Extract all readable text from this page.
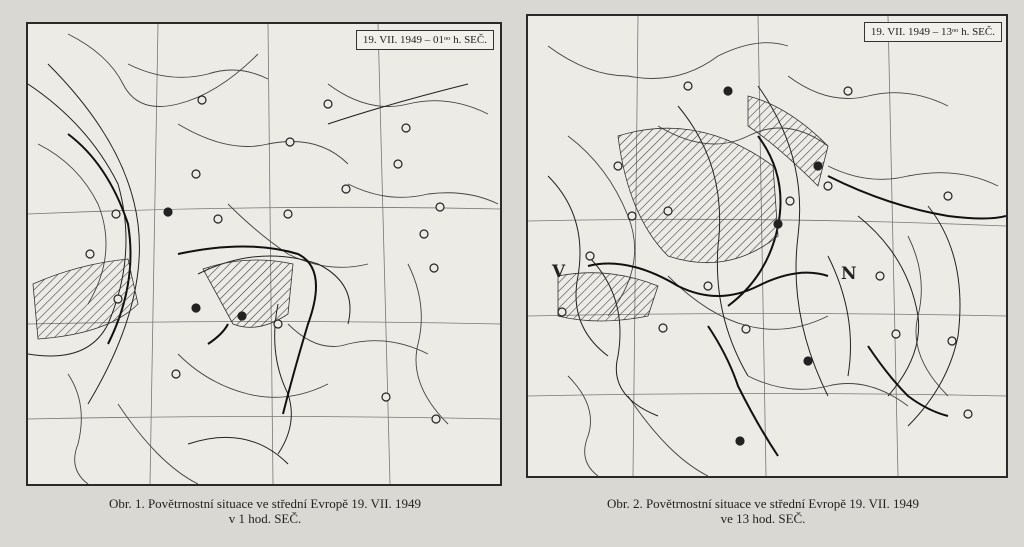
19. VII. 1949 – 01ᵒᵒ h. SEČ.
19. VII. 1949 – 13ᵒᵒ h. SEČ.
V	N
Obr. 1. Povětrnostní situace ve střední Evropě 19. VII. 1949
v 1 hod. SEČ.
Obr. 2. Povětrnostní situace ve střední Evropě 19. VII. 1949
ve 13 hod. SEČ.
